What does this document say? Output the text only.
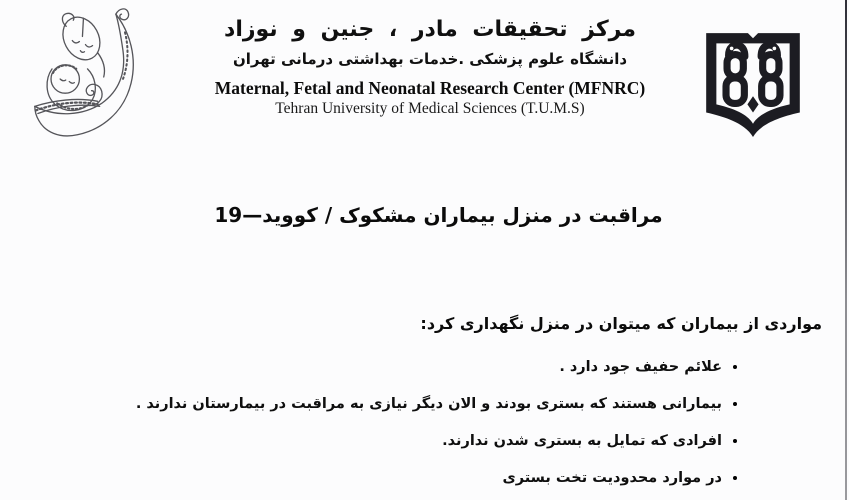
مرکز تحقیقات مادر ، جنین و نوزاد
دانشگاه علوم پزشکی .خدمات بهداشتی درمانی تهران
Maternal, Fetal and Neonatal Research Center (MFNRC)
Tehran University of Medical Sciences (T.U.M.S)
مراقبت در منزل بیماران مشکوک / کووید—19
مواردی از بیماران که میتوان در منزل نگهداری کرد:
• علائم حفیف جود دارد .
• بیمارانی هستند که بستری بودند و الان دیگر نیازی به مراقبت در بیمارستان ندارند .
• افرادی که تمایل به بستری شدن ندارند.
• در موارد محدودیت تخت بستری
